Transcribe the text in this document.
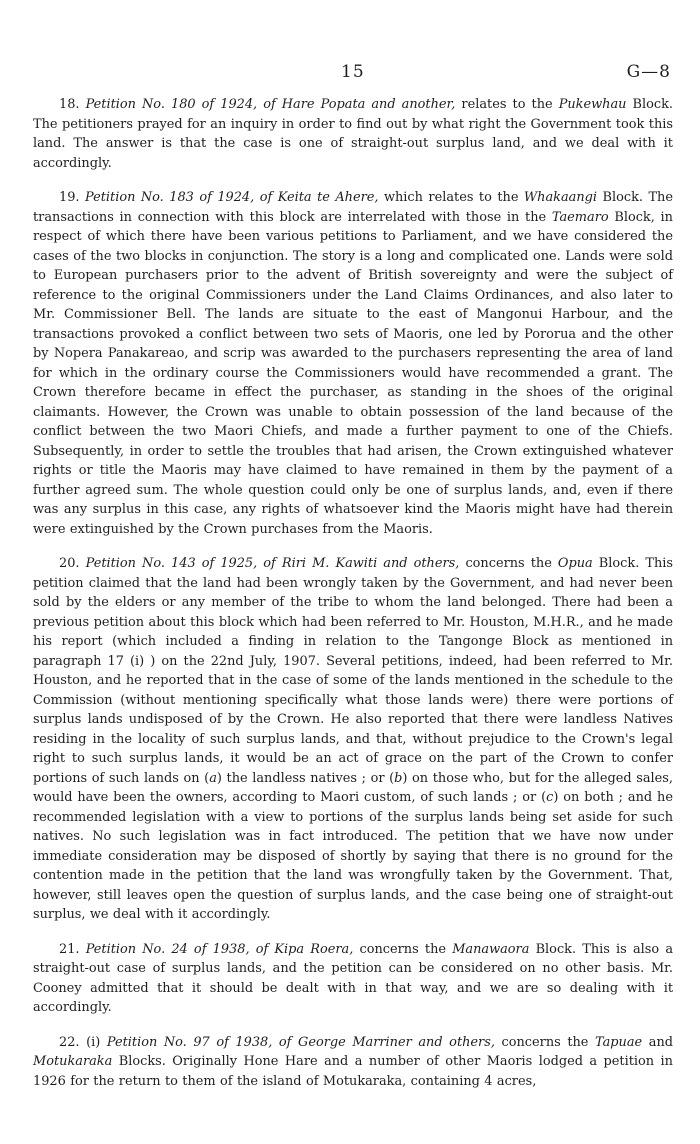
15	G—8

18. Petition No. 180 of 1924, of Hare Popata and another, relates to the Pukewhau Block. The petitioners prayed for an inquiry in order to find out by what right the Government took this land. The answer is that the case is one of straight-out surplus land, and we deal with it accordingly.

19. Petition No. 183 of 1924, of Keita te Ahere, which relates to the Whakaangi Block. The transactions in connection with this block are interrelated with those in the Taemaro Block, in respect of which there have been various petitions to Parliament, and we have considered the cases of the two blocks in conjunction. The story is a long and complicated one. Lands were sold to European purchasers prior to the advent of British sovereignty and were the subject of reference to the original Commissioners under the Land Claims Ordinances, and also later to Mr. Commissioner Bell. The lands are situate to the east of Mangonui Harbour, and the transactions provoked a conflict between two sets of Maoris, one led by Pororua and the other by Nopera Panakareao, and scrip was awarded to the purchasers representing the area of land for which in the ordinary course the Commissioners would have recommended a grant. The Crown therefore became in effect the purchaser, as standing in the shoes of the original claimants. However, the Crown was unable to obtain possession of the land because of the conflict between the two Maori Chiefs, and made a further payment to one of the Chiefs. Subsequently, in order to settle the troubles that had arisen, the Crown extinguished whatever rights or title the Maoris may have claimed to have remained in them by the payment of a further agreed sum. The whole question could only be one of surplus lands, and, even if there was any surplus in this case, any rights of whatsoever kind the Maoris might have had therein were extinguished by the Crown purchases from the Maoris.

20. Petition No. 143 of 1925, of Riri M. Kawiti and others, concerns the Opua Block. This petition claimed that the land had been wrongly taken by the Government, and had never been sold by the elders or any member of the tribe to whom the land belonged. There had been a previous petition about this block which had been referred to Mr. Houston, M.H.R., and he made his report (which included a finding in relation to the Tangonge Block as mentioned in paragraph 17 (i) ) on the 22nd July, 1907. Several petitions, indeed, had been referred to Mr. Houston, and he reported that in the case of some of the lands mentioned in the schedule to the Commission (without mentioning specifically what those lands were) there were portions of surplus lands undisposed of by the Crown. He also reported that there were landless Natives residing in the locality of such surplus lands, and that, without prejudice to the Crown's legal right to such surplus lands, it would be an act of grace on the part of the Crown to confer portions of such lands on (a) the landless natives ; or (b) on those who, but for the alleged sales, would have been the owners, according to Maori custom, of such lands ; or (c) on both ; and he recommended legislation with a view to portions of the surplus lands being set aside for such natives. No such legislation was in fact introduced. The petition that we have now under immediate consideration may be disposed of shortly by saying that there is no ground for the contention made in the petition that the land was wrongfully taken by the Government. That, however, still leaves open the question of surplus lands, and the case being one of straight-out surplus, we deal with it accordingly.

21. Petition No. 24 of 1938, of Kipa Roera, concerns the Manawaora Block. This is also a straight-out case of surplus lands, and the petition can be considered on no other basis. Mr. Cooney admitted that it should be dealt with in that way, and we are so dealing with it accordingly.

22. (i) Petition No. 97 of 1938, of George Marriner and others, concerns the Tapuae and Motukaraka Blocks. Originally Hone Hare and a number of other Maoris lodged a petition in 1926 for the return to them of the island of Motukaraka, containing 4 acres,
